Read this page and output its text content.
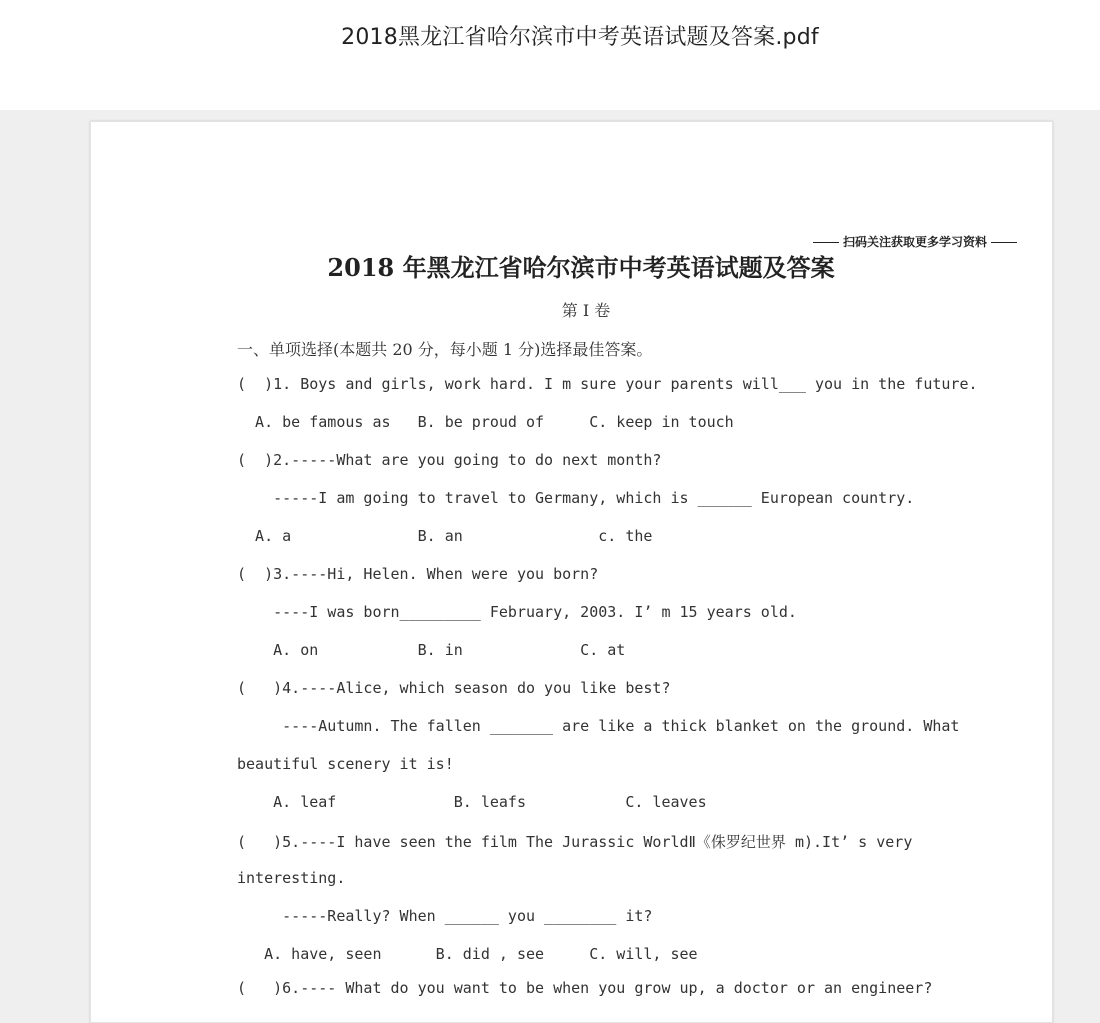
2018黑龙江省哈尔滨市中考英语试题及答案.pdf
扫码关注获取更多学习资料
2018 年黑龙江省哈尔滨市中考英语试题及答案
第 I 卷
一、单项选择(本题共 20 分，每小题 1 分)选择最佳答案。
(  )1. Boys and girls, work hard. I m sure your parents will___ you in the future.
A. be famous as   B. be proud of     C. keep in touch
(  )2.-----What are you going to do next month?
-----I am going to travel to Germany, which is ______ European country.
A. a              B. an               c. the
(  )3.----Hi, Helen. When were you born?
----I was born_________ February, 2003. I’ m 15 years old.
A. on           B. in             C. at
(   )4.----Alice, which season do you like best?
----Autumn. The fallen _______ are like a thick blanket on the ground. What
beautiful scenery it is!
A. leaf             B. leafs           C. leaves
(   )5.----I have seen the film The Jurassic WorldⅡ《侏罗纪世界 m).It’ s very
interesting.
-----Really? When ______ you ________ it?
A. have, seen      B. did , see     C. will, see
(   )6.---- What do you want to be when you grow up, a doctor or an engineer?
